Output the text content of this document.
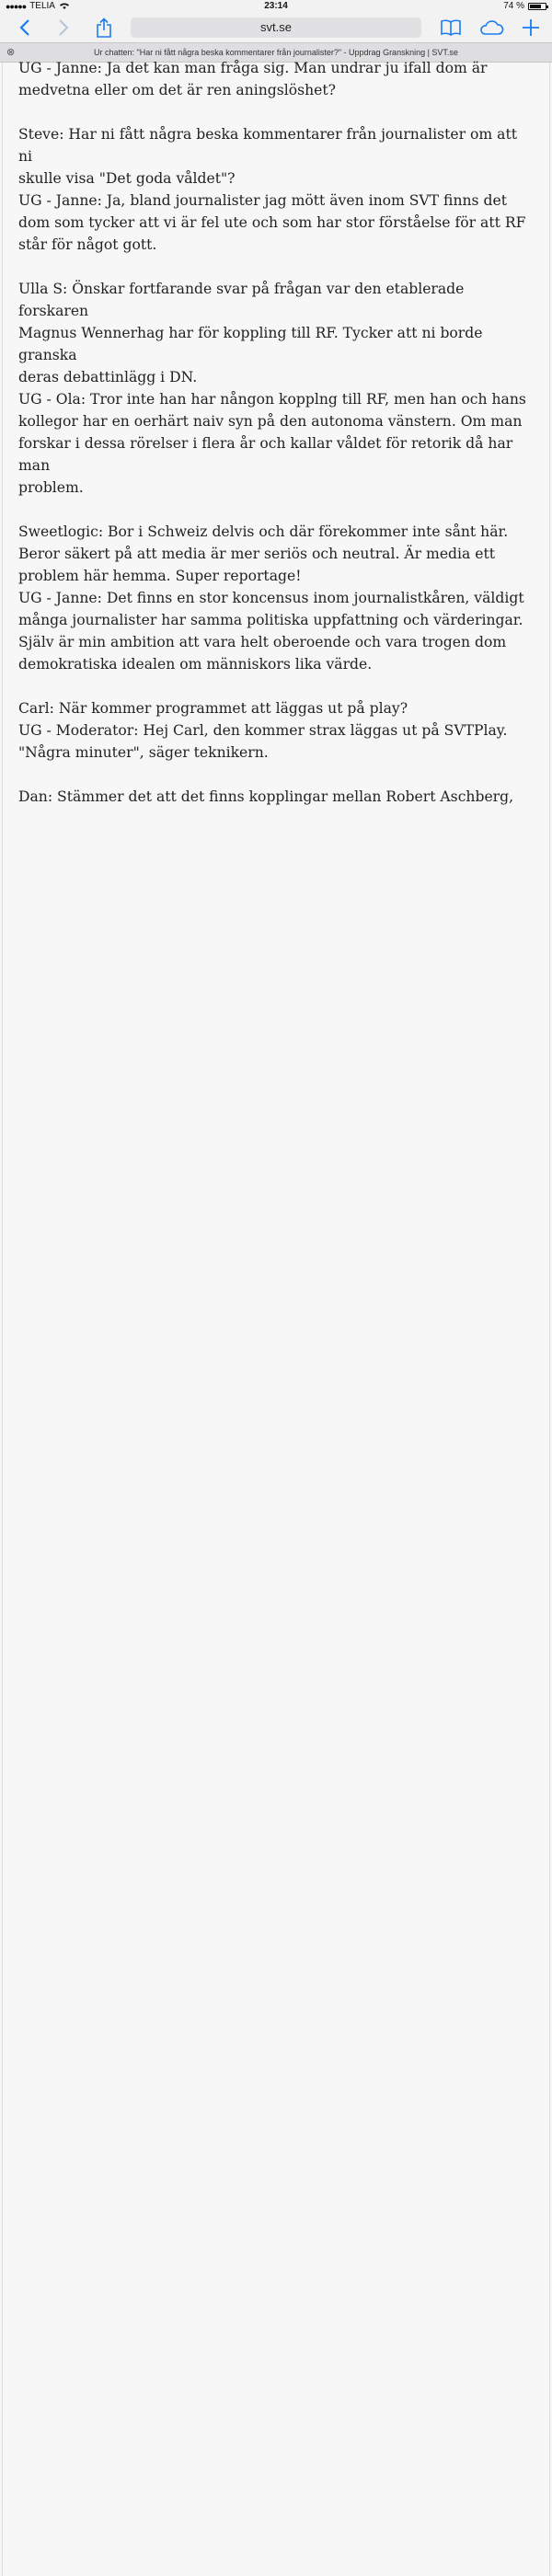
●●●●● TELIA	23:14	74 %
svt.se
⊗	Ur chatten: "Har ni fått några beska kommentarer från journalister?" - Uppdrag Granskning | SVT.se

UG - Janne: Ja det kan man fråga sig. Man undrar ju ifall dom är
medvetna eller om det är ren aningslöshet?

Steve: Har ni fått några beska kommentarer från journalister om att ni
skulle visa "Det goda våldet"?
UG - Janne: Ja, bland journalister jag mött även inom SVT finns det
dom som tycker att vi är fel ute och som har stor förståelse för att RF
står för något gott.

Ulla S: Önskar fortfarande svar på frågan var den etablerade forskaren
Magnus Wennerhag har för koppling till RF. Tycker att ni borde granska
deras debattinlägg i DN.
UG - Ola: Tror inte han har nångon kopplng till RF, men han och hans
kollegor har en oerhärt naiv syn på den autonoma vänstern. Om man
forskar i dessa rörelser i flera år och kallar våldet för retorik då har man
problem.

Sweetlogic: Bor i Schweiz delvis och där förekommer inte sånt här.
Beror säkert på att media är mer seriös och neutral. Är media ett
problem här hemma. Super reportage!
UG - Janne: Det finns en stor koncensus inom journalistkåren, väldigt
många journalister har samma politiska uppfattning och värderingar.
Själv är min ambition att vara helt oberoende och vara trogen dom
demokratiska idealen om människors lika värde.

Carl: När kommer programmet att läggas ut på play?
UG - Moderator: Hej Carl, den kommer strax läggas ut på SVTPlay.
"Några minuter", säger teknikern.

Dan: Stämmer det att det finns kopplingar mellan Robert Aschberg,
